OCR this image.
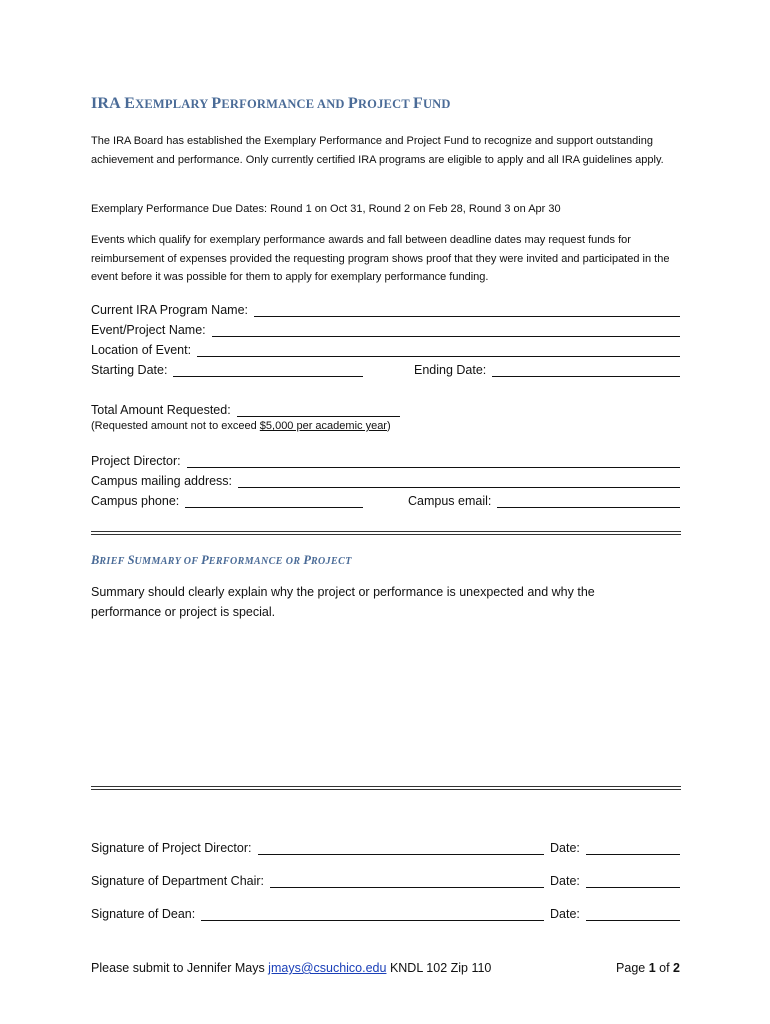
IRA EXEMPLARY PERFORMANCE AND PROJECT FUND
The IRA Board has established the Exemplary Performance and Project Fund to recognize and support outstanding achievement and performance. Only currently certified IRA programs are eligible to apply and all IRA guidelines apply.
Exemplary Performance Due Dates: Round 1 on Oct 31, Round 2 on Feb 28, Round 3 on Apr 30
Events which qualify for exemplary performance awards and fall between deadline dates may request funds for reimbursement of expenses provided the requesting program shows proof that they were invited and participated in the event before it was possible for them to apply for exemplary performance funding.
Current IRA Program Name:
Event/Project Name:
Location of Event:
Starting Date:	Ending Date:
Total Amount Requested:
(Requested amount not to exceed $5,000 per academic year)
Project Director:
Campus mailing address:
Campus phone:	Campus email:
BRIEF SUMMARY OF PERFORMANCE OR PROJECT
Summary should clearly explain why the project or performance is unexpected and why the performance or project is special.
Signature of Project Director:	Date:
Signature of Department Chair:	Date:
Signature of Dean:	Date:
Please submit to Jennifer Mays jmays@csuchico.edu KNDL 102 Zip 110	Page 1 of 2
